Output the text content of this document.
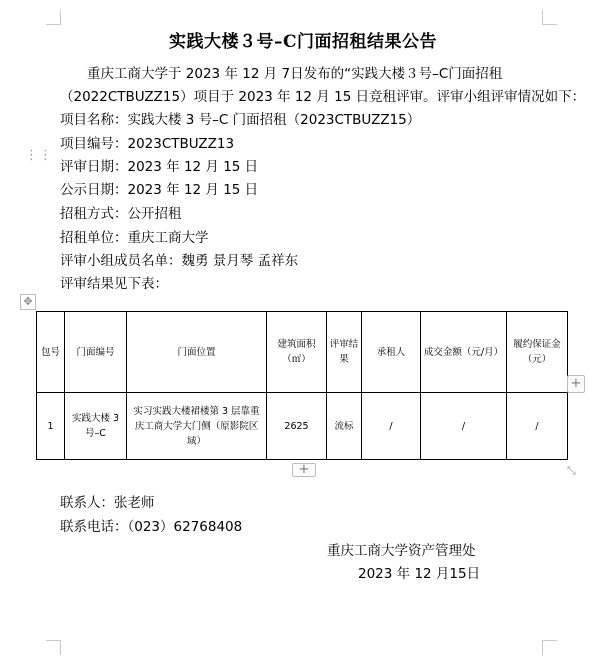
实践大楼３号–C门面招租结果公告
重庆工商大学于 2023 年 12 月 7日发布的“实践大楼３号–C门面招租
（2022CTBUZZ15）项目于 2023 年 12 月 15 日竞租评审。评审小组评审情况如下：
项目名称：实践大楼 3 号–C 门面招租（2023CTBUZZ15）
项目编号：2023CTBUZZ13
⋮⋮
评审日期：2023 年 12 月 15 日
公示日期：2023 年 12 月 15 日
招租方式：公开招租
招租单位：重庆工商大学
评审小组成员名单：魏勇 景月琴 孟祥东
评审结果见下表：
✥
包号	门面编号	门面位置	建筑面积（㎡）	评审结果	承租人	成交金额（元/月）	履约保证金（元）
1	实践大楼 3 号–C	实习实践大楼裙楼第 3 层靠重庆工商大学大门侧（原影院区域）	2625	流标	/	/	/
+
+	⤡
联系人：张老师
联系电话：（023）62768408
重庆工商大学资产管理处
2023 年 12 月15日
